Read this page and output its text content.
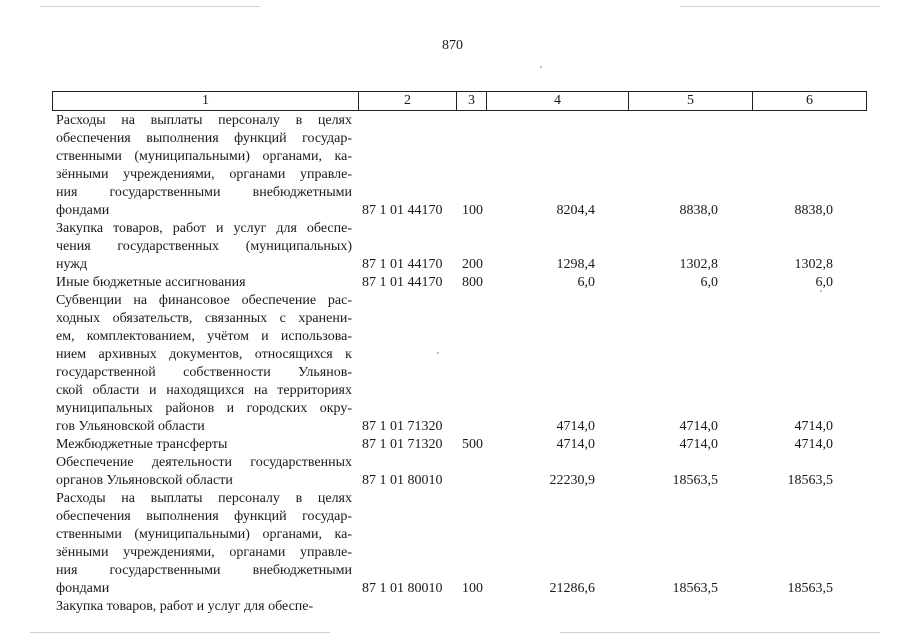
870
1	2	3	4	5	6
Расходы на выплаты персоналу в целях
обеспечения выполнения функций государ-
ственными (муниципальными) органами, ка-
зёнными учреждениями, органами управле-
ния государственными внебюджетными
фондами	87 1 01 44170 100	8204,4	8838,0	8838,0
Закупка товаров, работ и услуг для обеспе-
чения государственных (муниципальных)
нужд	87 1 01 44170 200	1298,4	1302,8	1302,8
Иные бюджетные ассигнования	87 1 01 44170 800	6,0	6,0	6,0
Субвенции на финансовое обеспечение рас-
ходных обязательств, связанных с хранени-
ем, комплектованием, учётом и использова-
нием архивных документов, относящихся к
государственной собственности Ульянов-
ской области и находящихся на территориях
муниципальных районов и городских окру-
гов Ульяновской области	87 1 01 71320	4714,0	4714,0	4714,0
Межбюджетные трансферты	87 1 01 71320 500	4714,0	4714,0	4714,0
Обеспечение деятельности государственных
органов Ульяновской области	87 1 01 80010	22230,9	18563,5	18563,5
Расходы на выплаты персоналу в целях
обеспечения выполнения функций государ-
ственными (муниципальными) органами, ка-
зёнными учреждениями, органами управле-
ния государственными внебюджетными
фондами	87 1 01 80010 100	21286,6	18563,5	18563,5
Закупка товаров, работ и услуг для обеспе-
